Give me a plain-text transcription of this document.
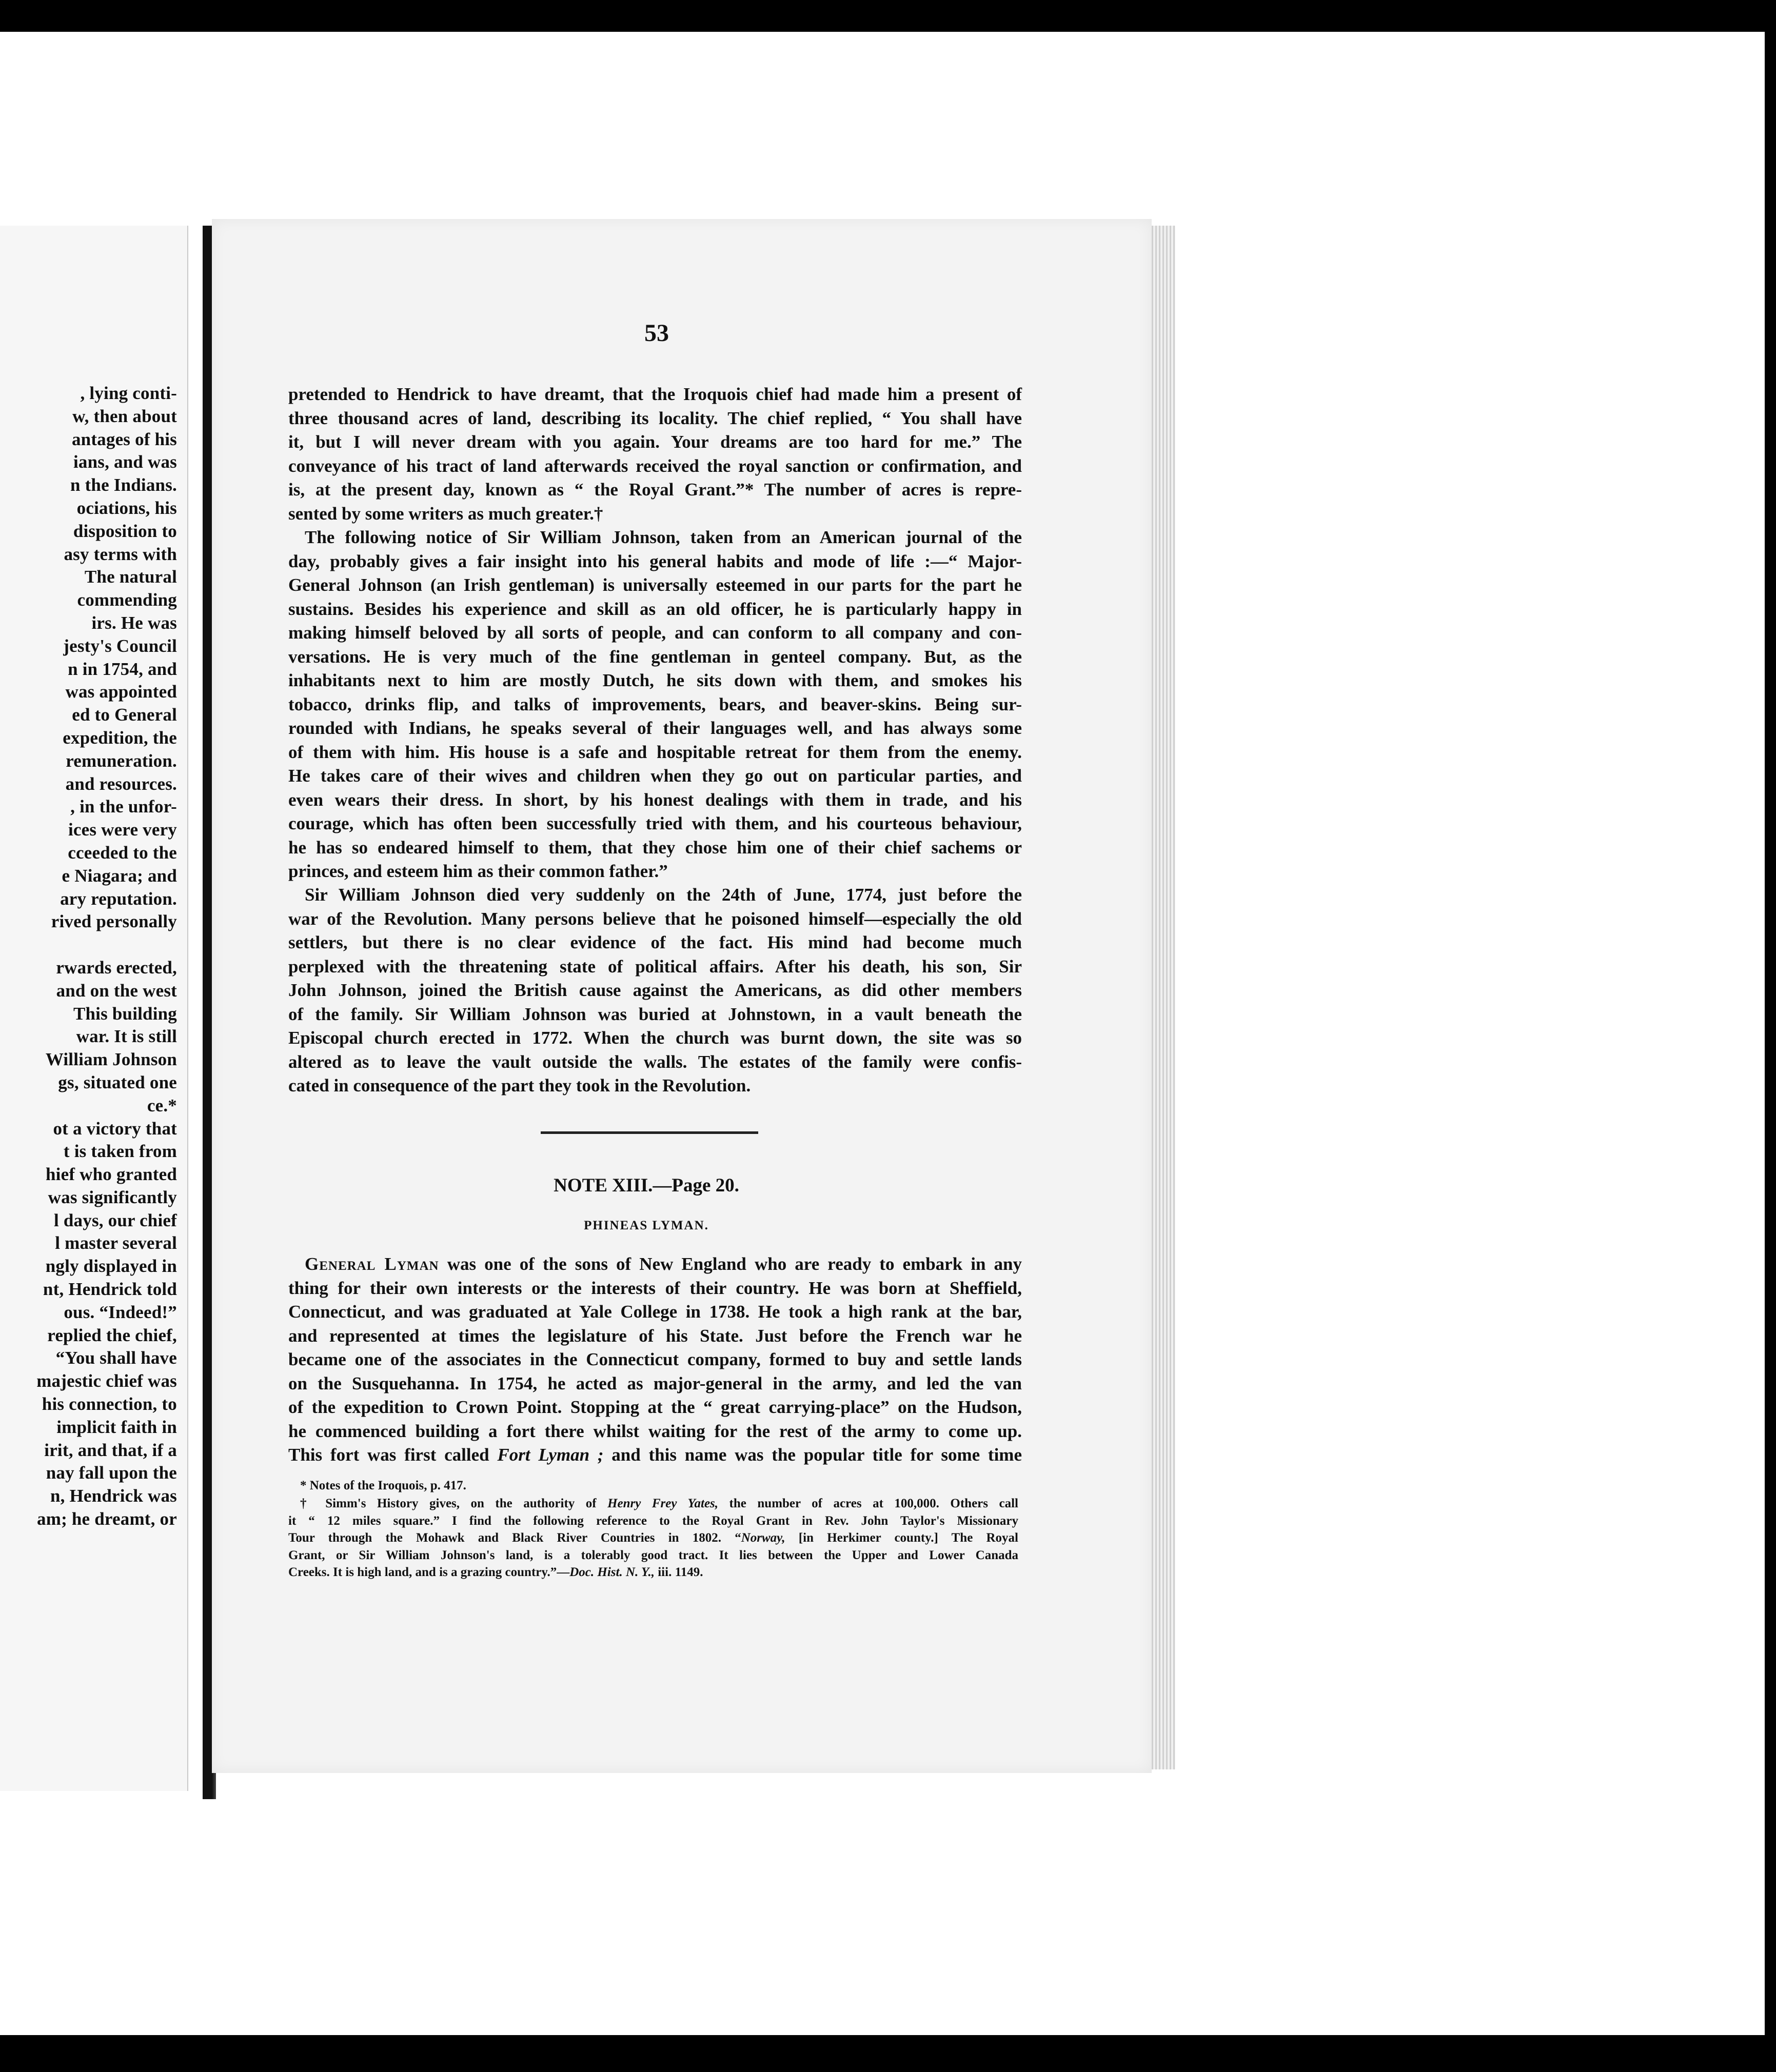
, lying conti-
w, then about
antages of his
ians, and was
n the Indians.
ociations, his
disposition to
asy terms with
The natural
commending
irs. He was
jesty's Council
n in 1754, and
was appointed
ed to General
expedition, the
remuneration.
and resources.
, in the unfor-
ices were very
cceeded to the
e Niagara; and
ary reputation.
rived personally

rwards erected,
and on the west
This building
war. It is still
William Johnson
gs, situated one
ce.*
ot a victory that
t is taken from
hief who granted
was significantly
l days, our chief
l master several
ngly displayed in
nt, Hendrick told
ous. “Indeed!”
replied the chief,
“You shall have
majestic chief was
his connection, to
implicit faith in
irit, and that, if a
nay fall upon the
n, Hendrick was
am; he dreamt, or
53
pretended to Hendrick to have dreamt, that the Iroquois chief had made him a present of
three thousand acres of land, describing its locality. The chief replied, “ You shall have
it, but I will never dream with you again. Your dreams are too hard for me.” The
conveyance of his tract of land afterwards received the royal sanction or confirmation, and
is, at the present day, known as “ the Royal Grant.”* The number of acres is repre-
sented by some writers as much greater.†
The following notice of Sir William Johnson, taken from an American journal of the
day, probably gives a fair insight into his general habits and mode of life :—“ Major-
General Johnson (an Irish gentleman) is universally esteemed in our parts for the part he
sustains. Besides his experience and skill as an old officer, he is particularly happy in
making himself beloved by all sorts of people, and can conform to all company and con-
versations. He is very much of the fine gentleman in genteel company. But, as the
inhabitants next to him are mostly Dutch, he sits down with them, and smokes his
tobacco, drinks flip, and talks of improvements, bears, and beaver-skins. Being sur-
rounded with Indians, he speaks several of their languages well, and has always some
of them with him. His house is a safe and hospitable retreat for them from the enemy.
He takes care of their wives and children when they go out on particular parties, and
even wears their dress. In short, by his honest dealings with them in trade, and his
courage, which has often been successfully tried with them, and his courteous behaviour,
he has so endeared himself to them, that they chose him one of their chief sachems or
princes, and esteem him as their common father.”
Sir William Johnson died very suddenly on the 24th of June, 1774, just before the
war of the Revolution. Many persons believe that he poisoned himself—especially the old
settlers, but there is no clear evidence of the fact. His mind had become much
perplexed with the threatening state of political affairs. After his death, his son, Sir
John Johnson, joined the British cause against the Americans, as did other members
of the family. Sir William Johnson was buried at Johnstown, in a vault beneath the
Episcopal church erected in 1772. When the church was burnt down, the site was so
altered as to leave the vault outside the walls. The estates of the family were confis-
cated in consequence of the part they took in the Revolution.
NOTE XIII.—Page 20.
PHINEAS LYMAN.
General Lyman was one of the sons of New England who are ready to embark in any
thing for their own interests or the interests of their country. He was born at Sheffield,
Connecticut, and was graduated at Yale College in 1738. He took a high rank at the bar,
and represented at times the legislature of his State. Just before the French war he
became one of the associates in the Connecticut company, formed to buy and settle lands
on the Susquehanna. In 1754, he acted as major-general in the army, and led the van
of the expedition to Crown Point. Stopping at the “ great carrying-place” on the Hudson,
he commenced building a fort there whilst waiting for the rest of the army to come up.
This fort was first called Fort Lyman ; and this name was the popular title for some time
* Notes of the Iroquois, p. 417.
† Simm's History gives, on the authority of Henry Frey Yates, the number of acres at 100,000. Others call
it “ 12 miles square.” I find the following reference to the Royal Grant in Rev. John Taylor's Missionary
Tour through the Mohawk and Black River Countries in 1802. “Norway, [in Herkimer county.] The Royal
Grant, or Sir William Johnson's land, is a tolerably good tract. It lies between the Upper and Lower Canada
Creeks. It is high land, and is a grazing country.”—Doc. Hist. N. Y., iii. 1149.
